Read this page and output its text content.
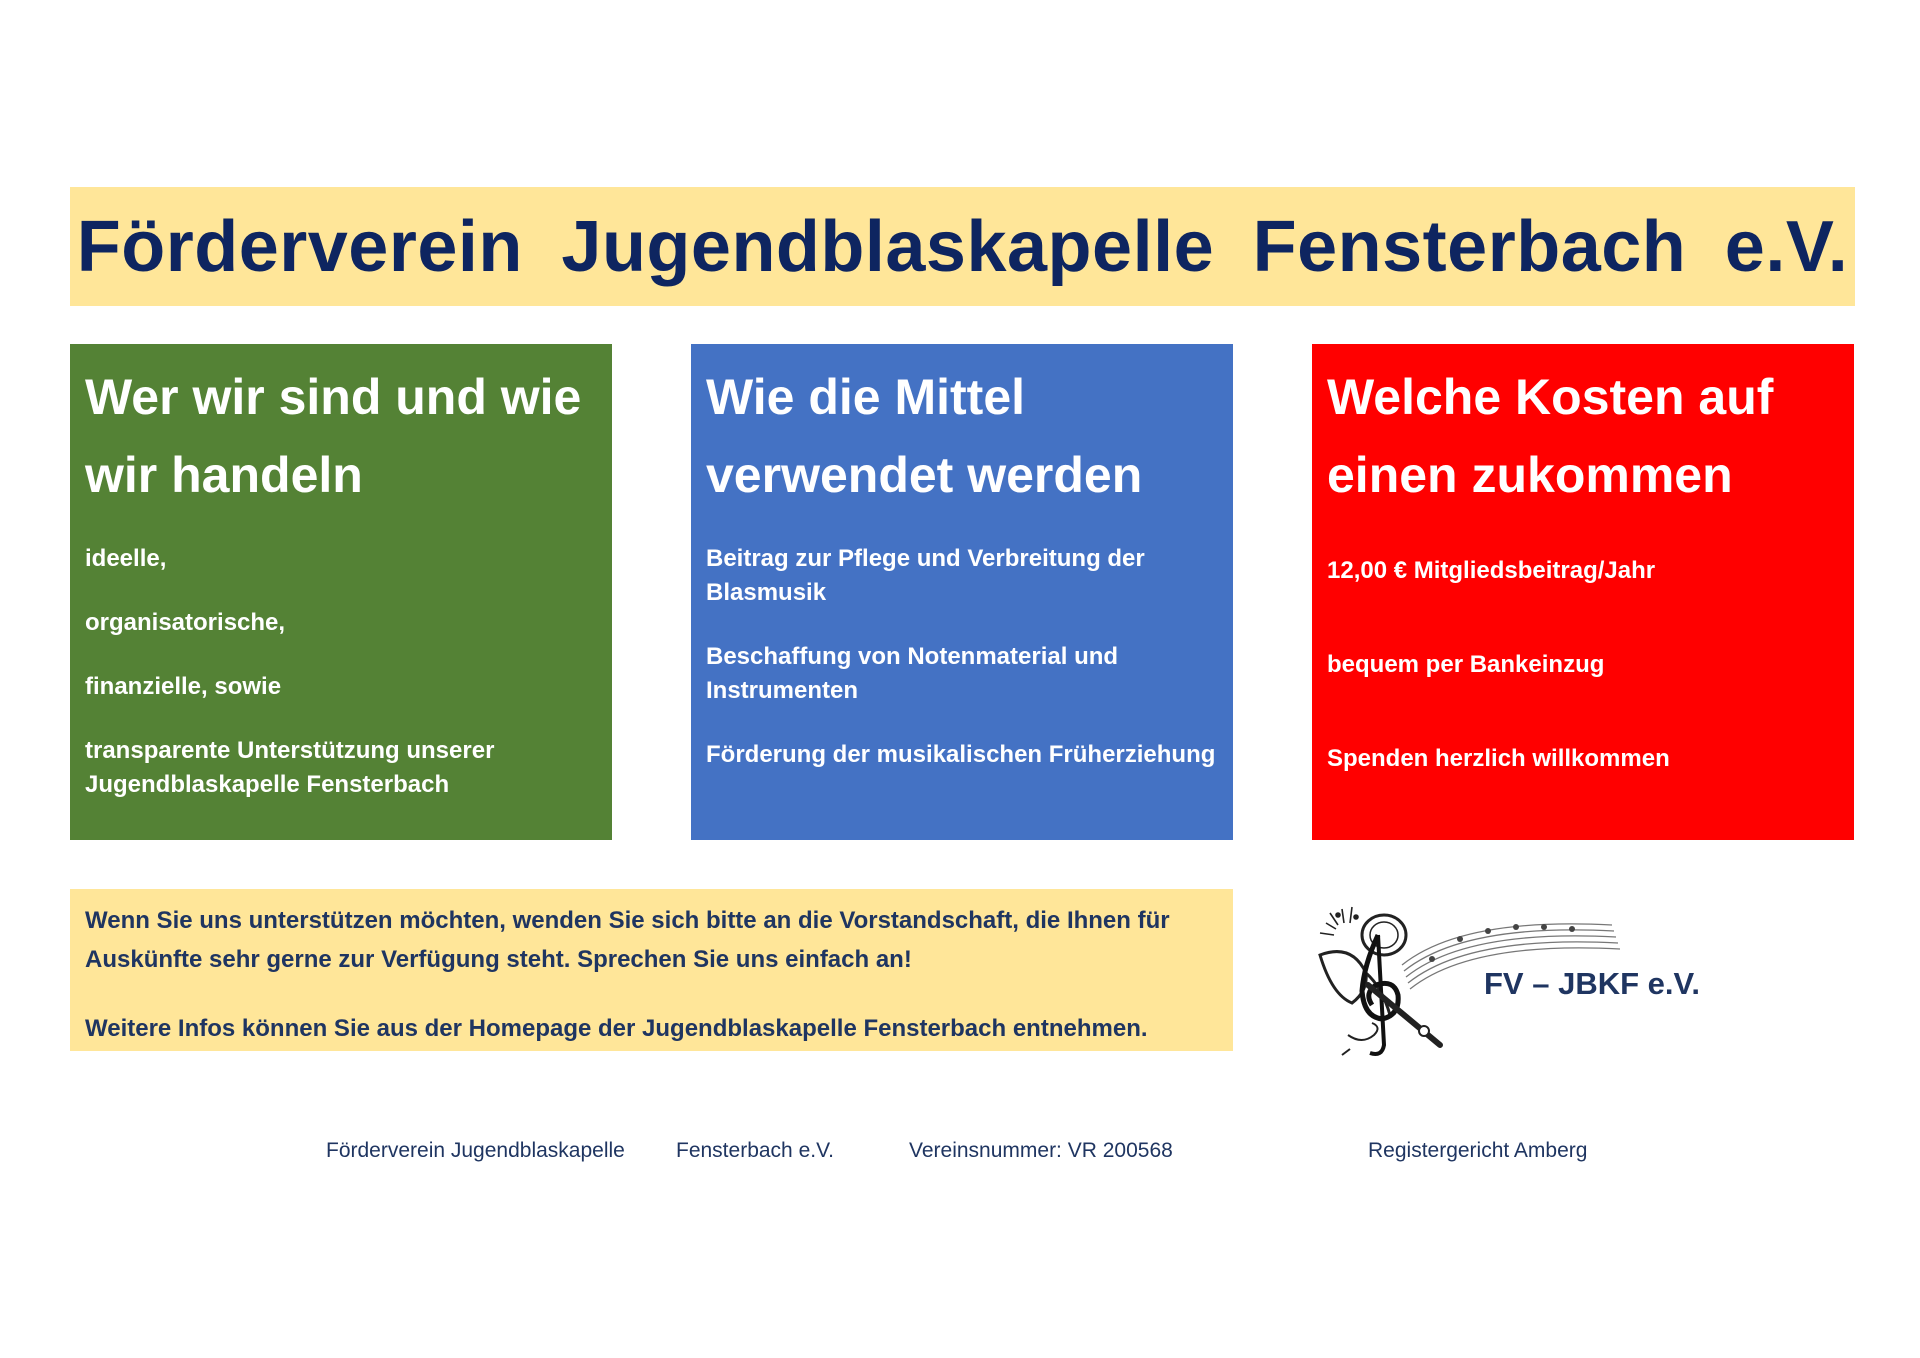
Förderverein Jugendblaskapelle Fensterbach e.V.
Wer wir sind und wie wir handeln
ideelle,
organisatorische,
finanzielle, sowie
transparente Unterstützung unserer Jugendblaskapelle Fensterbach
Wie die Mittel verwendet werden
Beitrag zur Pflege und Verbreitung der Blasmusik
Beschaffung von Notenmaterial und Instrumenten
Förderung der musikalischen Früherziehung
Welche Kosten auf einen zukommen
12,00 € Mitgliedsbeitrag/Jahr
bequem per Bankeinzug
Spenden herzlich willkommen

Wenn Sie uns unterstützen möchten, wenden Sie sich bitte an die Vorstandschaft, die Ihnen für Auskünfte sehr gerne zur Verfügung steht. Sprechen Sie uns einfach an!

Weitere Infos können Sie aus der Homepage der Jugendblaskapelle Fensterbach entnehmen.

FV – JBKF e.V.
Förderverein Jugendblaskapelle Fensterbach e.V.	Vereinsnummer: VR 200568	Registergericht Amberg
